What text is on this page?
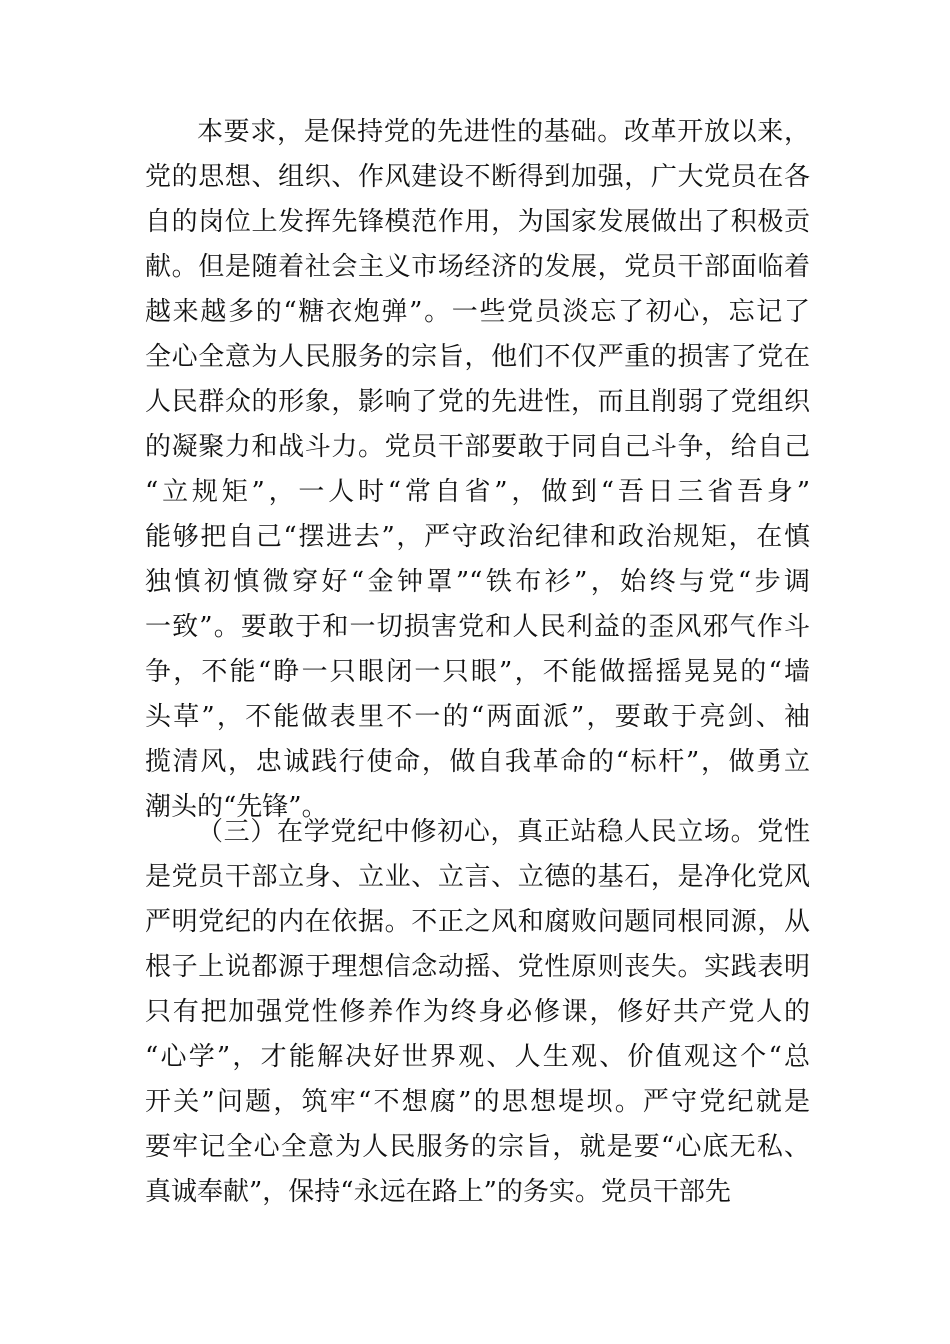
本要求，是保持党的先进性的基础。改革开放以来，
党的思想、组织、作风建设不断得到加强，广大党员在各
自的岗位上发挥先锋模范作用，为国家发展做出了积极贡
献。但是随着社会主义市场经济的发展，党员干部面临着
越来越多的“糖衣炮弹”。一些党员淡忘了初心，忘记了
全心全意为人民服务的宗旨，他们不仅严重的损害了党在
人民群众的形象，影响了党的先进性，而且削弱了党组织
的凝聚力和战斗力。党员干部要敢于同自己斗争，给自己
“立规矩”，一人时“常自省”，做到“吾日三省吾身”
能够把自己“摆进去”，严守政治纪律和政治规矩，在慎
独慎初慎微穿好“金钟罩”“铁布衫”，始终与党“步调
一致”。要敢于和一切损害党和人民利益的歪风邪气作斗
争，不能“睁一只眼闭一只眼”，不能做摇摇晃晃的“墙
头草”，不能做表里不一的“两面派”，要敢于亮剑、袖
揽清风，忠诚践行使命，做自我革命的“标杆”，做勇立
潮头的“先锋”。
（三）在学党纪中修初心，真正站稳人民立场。党性
是党员干部立身、立业、立言、立德的基石，是净化党风
严明党纪的内在依据。不正之风和腐败问题同根同源，从
根子上说都源于理想信念动摇、党性原则丧失。实践表明
只有把加强党性修养作为终身必修课，修好共产党人的
“心学”，才能解决好世界观、人生观、价值观这个“总
开关”问题，筑牢“不想腐”的思想堤坝。严守党纪就是
要牢记全心全意为人民服务的宗旨，就是要“心底无私、
真诚奉献”，保持“永远在路上”的务实。党员干部先
